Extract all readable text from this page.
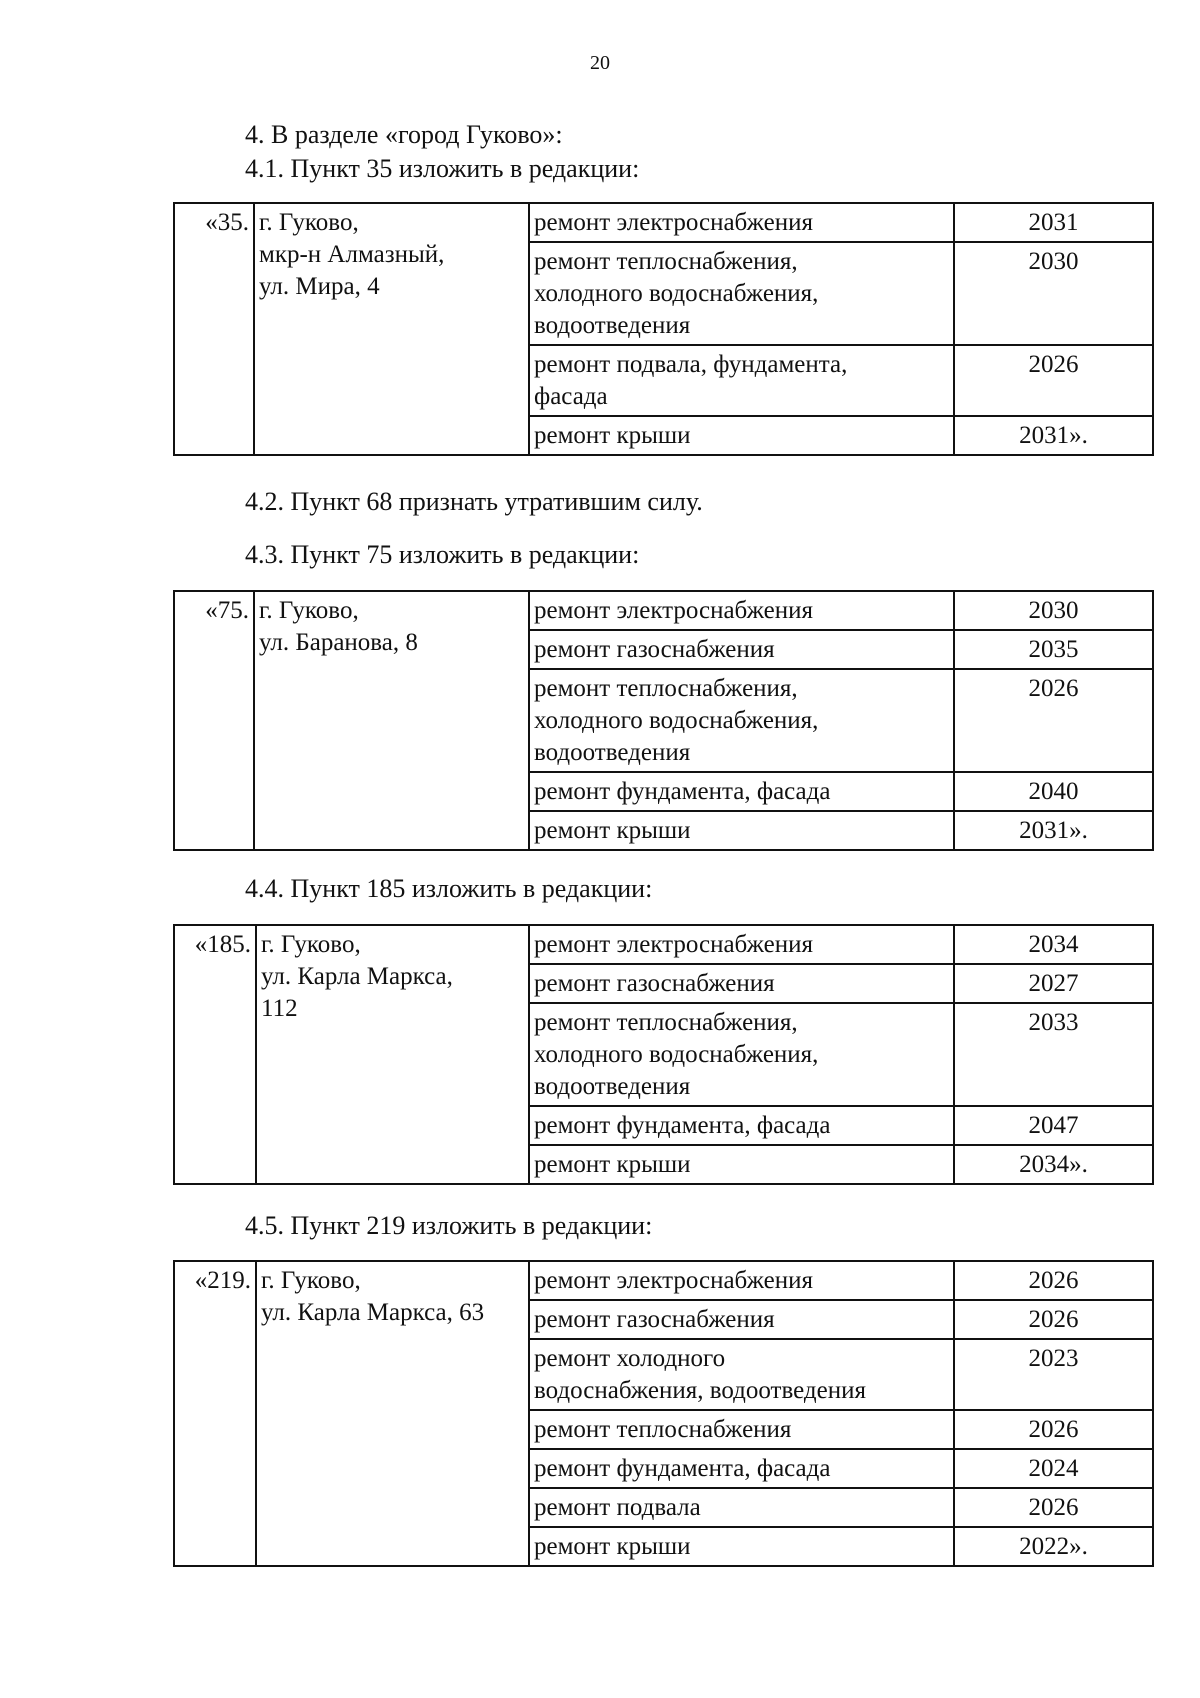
20
4. В разделе «город Гуково»:
4.1. Пункт 35 изложить в редакции:
«35.	г. Гуково,
мкр-н Алмазный,
ул. Мира, 4	ремонт электроснабжения	2031

		ремонт теплоснабжения,
холодного водоснабжения,
водоотведения	2030

		ремонт подвала, фундамента,
фасада	2026
		ремонт крыши	2031».
4.2. Пункт 68 признать утратившим силу.
4.3. Пункт 75 изложить в редакции:
«75.	г. Гуково,
ул. Баранова, 8	ремонт электроснабжения	2030
		ремонт газоснабжения	2035

		ремонт теплоснабжения,
холодного водоснабжения,
водоотведения	2026
		ремонт фундамента, фасада	2040
		ремонт крыши	2031».
4.4. Пункт 185 изложить в редакции:
«185.	г. Гуково,
ул. Карла Маркса,
112	ремонт электроснабжения	2034
		ремонт газоснабжения	2027

		ремонт теплоснабжения,
холодного водоснабжения,
водоотведения	2033
		ремонт фундамента, фасада	2047
		ремонт крыши	2034».
4.5. Пункт 219 изложить в редакции:
«219.	г. Гуково,
ул. Карла Маркса, 63	ремонт электроснабжения	2026
		ремонт газоснабжения	2026

		ремонт холодного
водоснабжения, водоотведения	2023
		ремонт теплоснабжения	2026
		ремонт фундамента, фасада	2024
		ремонт подвала	2026
		ремонт крыши	2022».
